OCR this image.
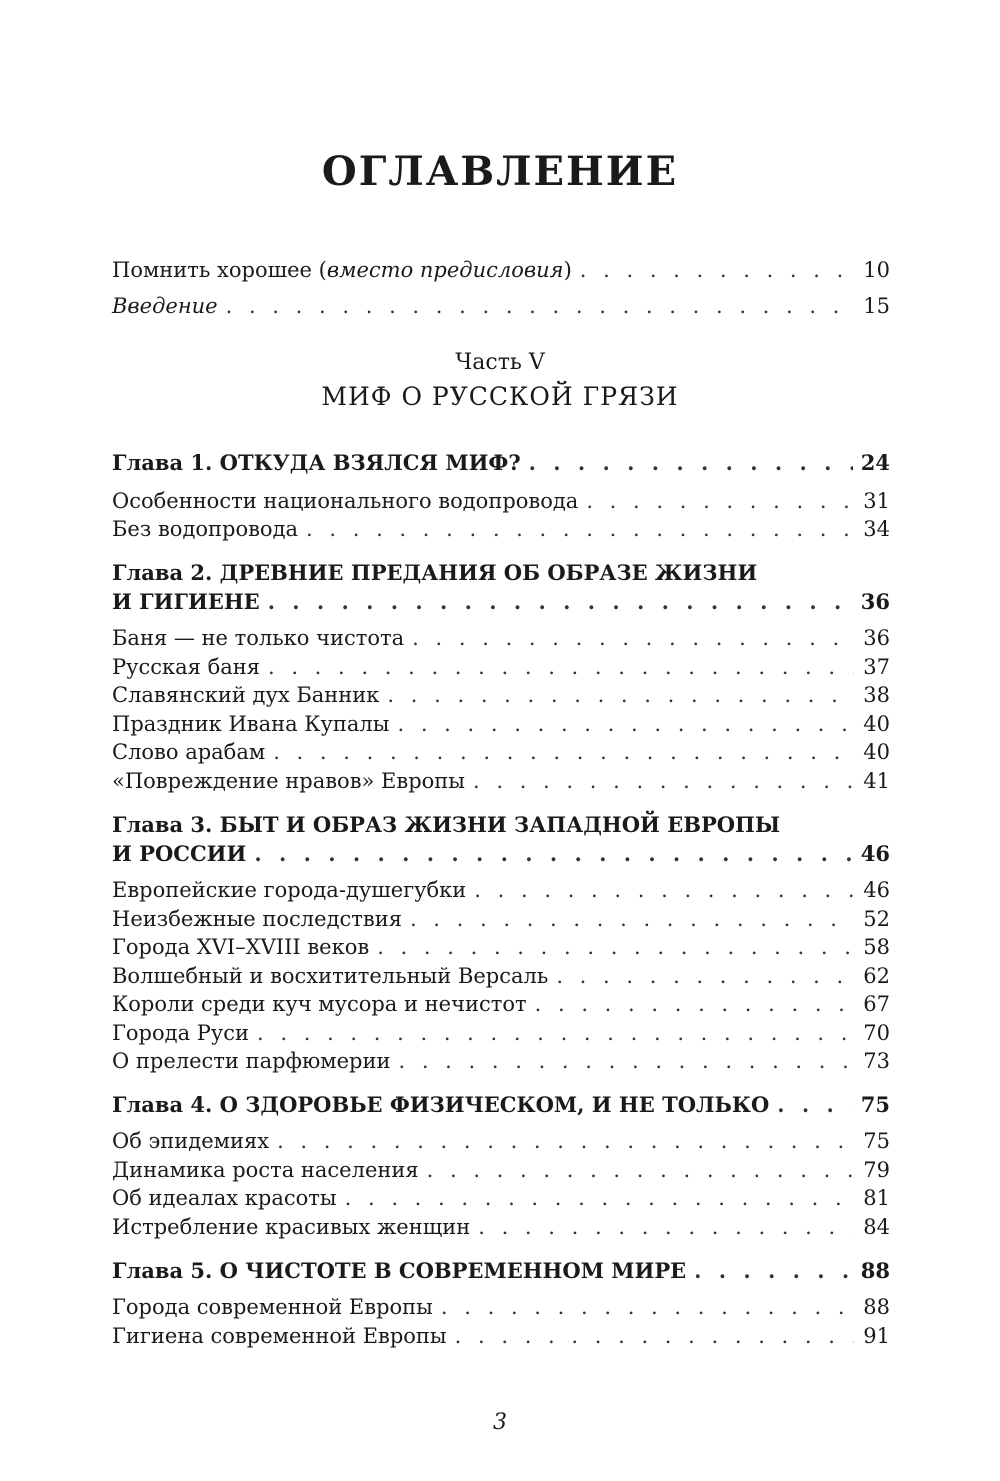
ОГЛАВЛЕНИЕ
Помнить хорошее (вместо предисловия) . . .	10
Введение . . .	15
Часть V
МИФ О РУССКОЙ ГРЯЗИ
Глава 1. ОТКУДА ВЗЯЛСЯ МИФ? . . .	24
Особенности национального водопровода . . .	31
Без водопровода . . .	34
Глава 2. ДРЕВНИЕ ПРЕДАНИЯ ОБ ОБРАЗЕ ЖИЗНИ
И ГИГИЕНЕ . . .	36
Баня — не только чистота . . .	36
Русская баня . . .	37
Славянский дух Банник . . .	38
Праздник Ивана Купалы . . .	40
Слово арабам . . .	40
«Повреждение нравов» Европы . . .	41
Глава 3. БЫТ И ОБРАЗ ЖИЗНИ ЗАПАДНОЙ ЕВРОПЫ
И РОССИИ . . .	46
Европейские города-душегубки . . .	46
Неизбежные последствия . . .	52
Города XVI–XVIII веков . . .	58
Волшебный и восхитительный Версаль . . .	62
Короли среди куч мусора и нечистот . . .	67
Города Руси . . .	70
О прелести парфюмерии . . .	73
Глава 4. О ЗДОРОВЬЕ ФИЗИЧЕСКОМ, И НЕ ТОЛЬКО . . .	75
Об эпидемиях . . .	75
Динамика роста населения . . .	79
Об идеалах красоты . . .	81
Истребление красивых женщин . . .	84
Глава 5. О ЧИСТОТЕ В СОВРЕМЕННОМ МИРЕ . . .	88
Города современной Европы . . .	88
Гигиена современной Европы . . .	91
3
